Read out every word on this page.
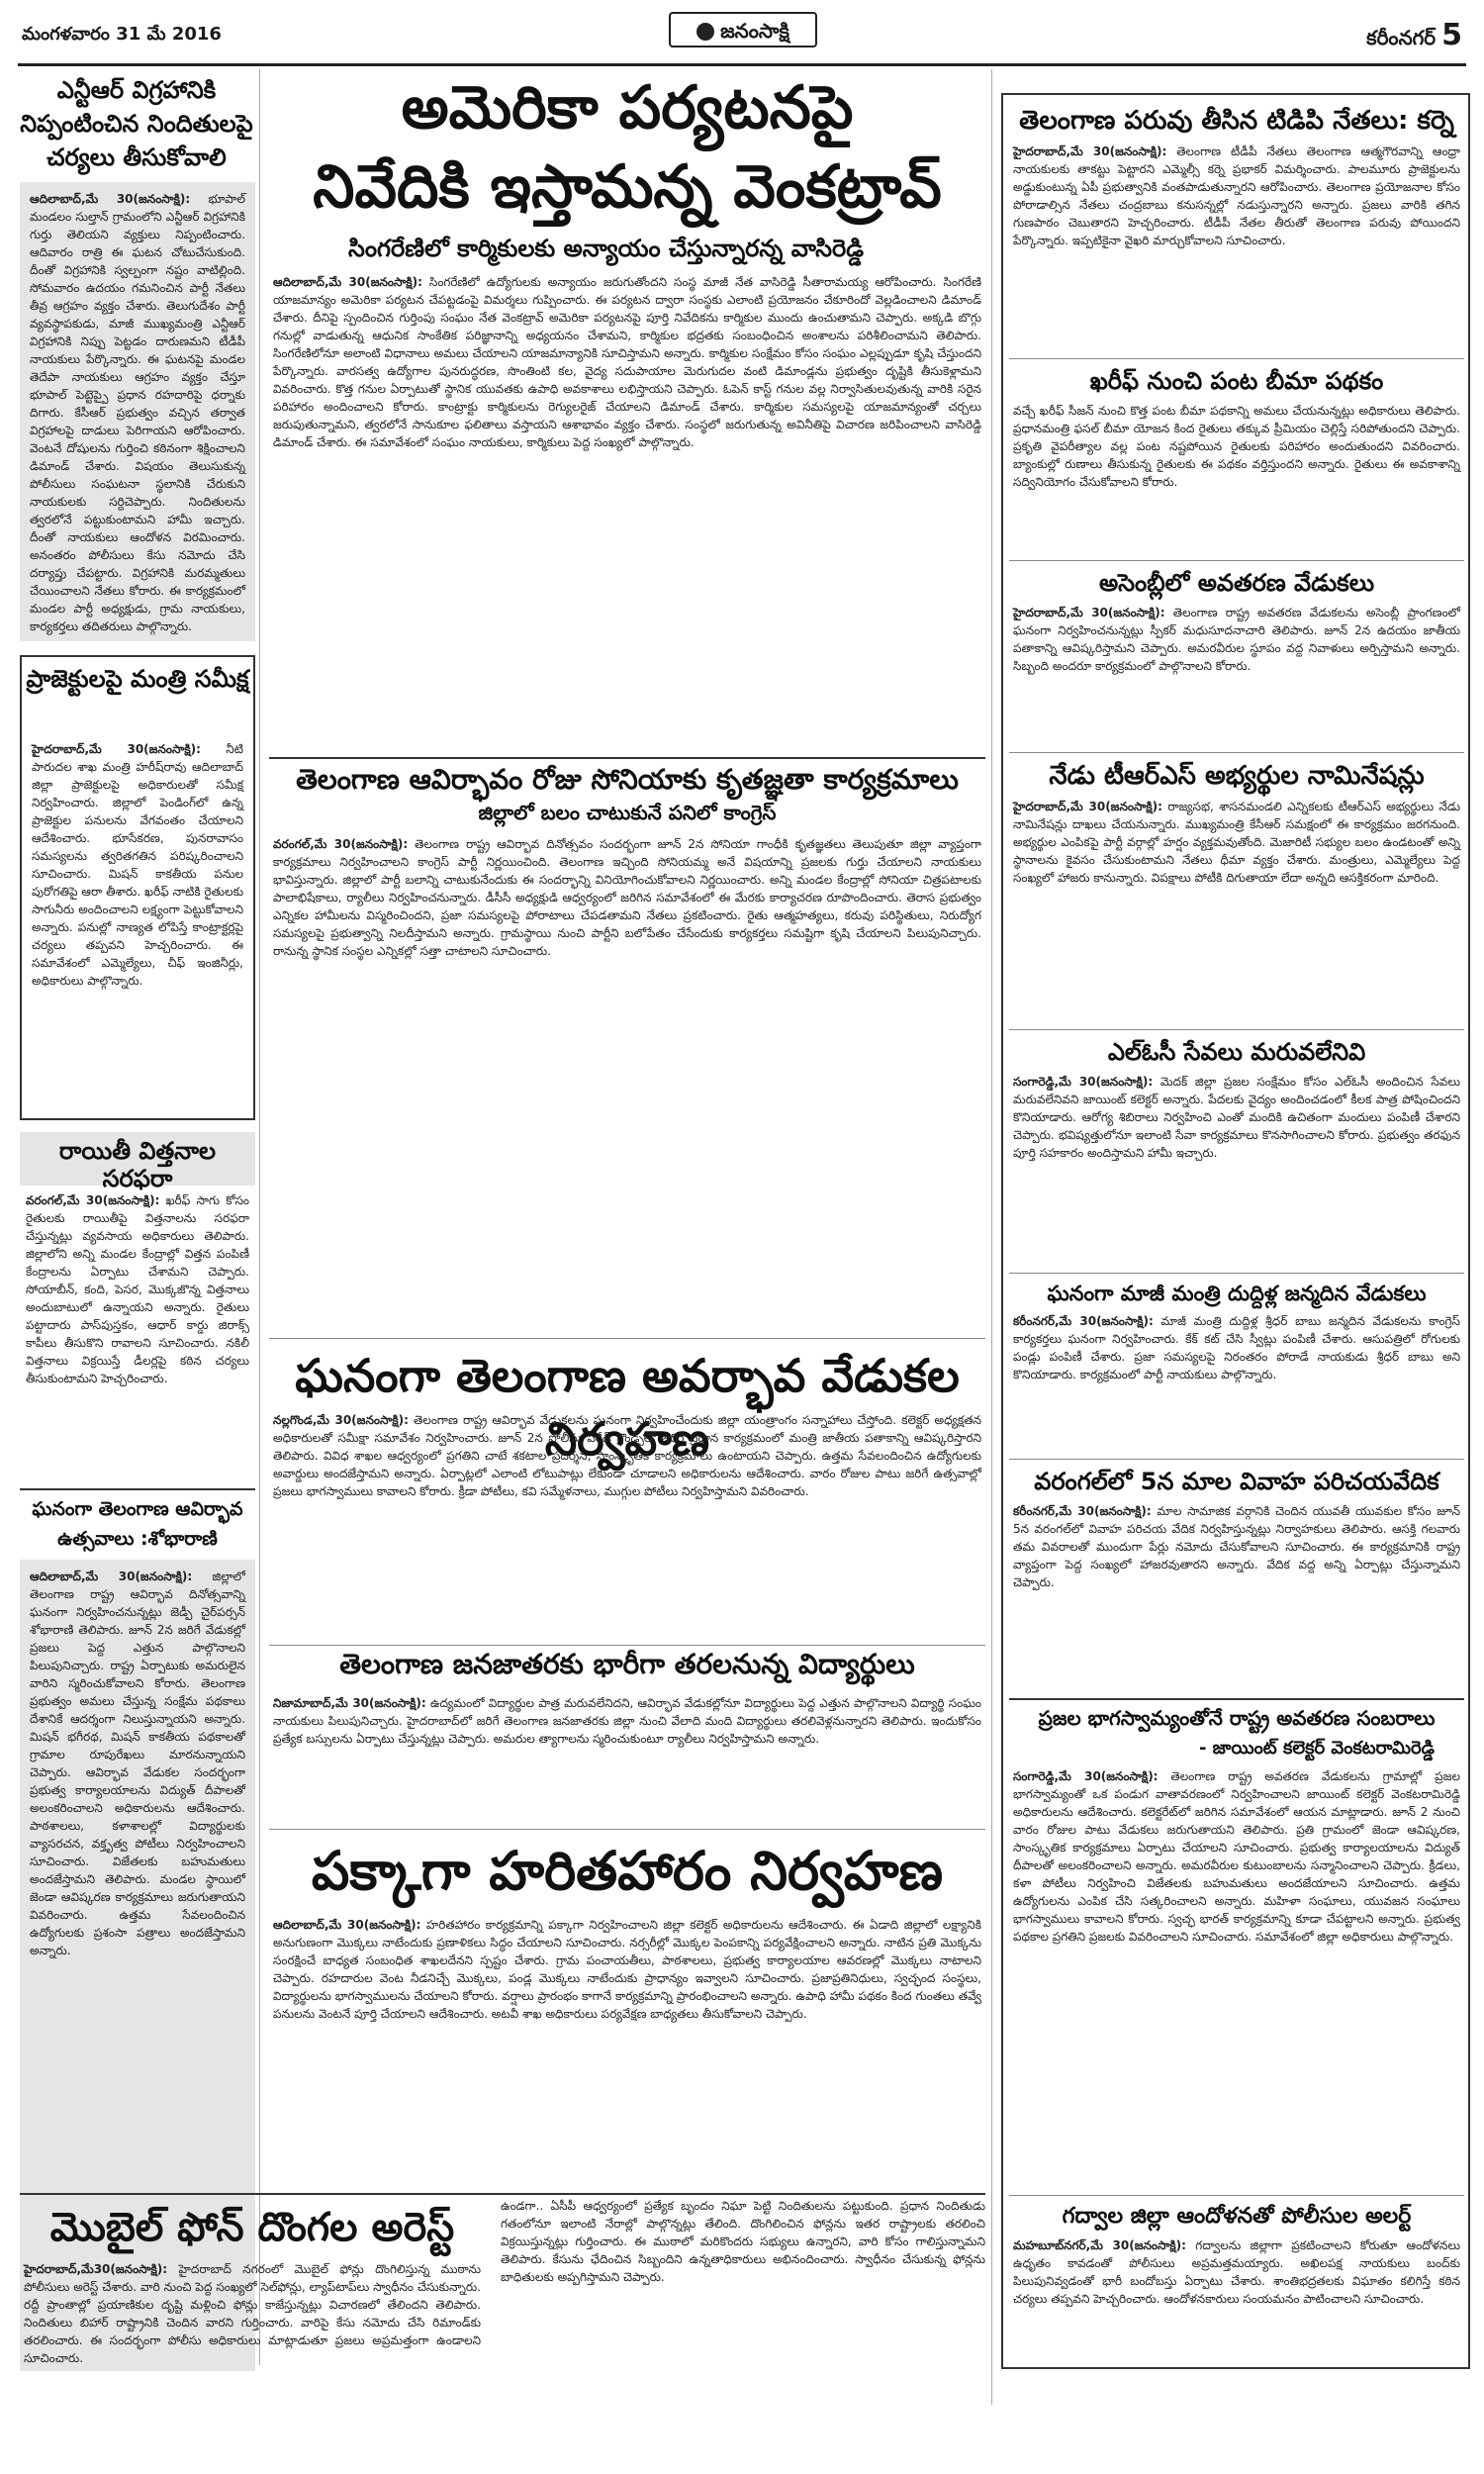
మంగళవారం 31 మే 2016	జనంసాక్షి	కరీంనగర్ 5
ఎన్టీఆర్ విగ్రహానికి నిప్పంటించిన నిందితులపై చర్యలు తీసుకోవాలి
ఆదిలాబాద్,మే 30(జనంసాక్షి): భూపాల్ మండలం సుల్తాన్ గ్రామంలోని ఎన్టీఆర్ విగ్రహానికి గుర్తు తెలియని వ్యక్తులు నిప్పంటించారు. ఆదివారం రాత్రి ఈ ఘటన చోటుచేసుకుంది. దీంతో విగ్రహానికి స్వల్పంగా నష్టం వాటిల్లింది. సోమవారం ఉదయం గమనించిన పార్టీ నేతలు తీవ్ర ఆగ్రహం వ్యక్తం చేశారు. తెలుగుదేశం పార్టీ వ్యవస్థాపకుడు, మాజీ ముఖ్యమంత్రి ఎన్టీఆర్ విగ్రహానికి నిప్పు పెట్టడం దారుణమని టీడీపీ నాయకులు పేర్కొన్నారు. ఈ ఘటనపై మండల తెదేపా నాయకులు ఆగ్రహం వ్యక్తం చేస్తూ భూపాల్ పెట్టెప్పై ప్రధాన రహదారిపై ధర్నాకు దిగారు. కేసీఆర్ ప్రభుత్వం వచ్చిన తర్వాత విగ్రహాలపై దాడులు పెరిగాయని ఆరోపించారు. వెంటనే దోషులను గుర్తించి కఠినంగా శిక్షించాలని డిమాండ్ చేశారు. విషయం తెలుసుకున్న పోలీసులు సంఘటనా స్థలానికి చేరుకుని నాయకులకు సర్దిచెప్పారు. నిందితులను త్వరలోనే పట్టుకుంటామని హామీ ఇచ్చారు. దీంతో నాయకులు ఆందోళన విరమించారు. అనంతరం పోలీసులు కేసు నమోదు చేసి దర్యాప్తు చేపట్టారు. విగ్రహానికి మరమ్మతులు చేయించాలని నేతలు కోరారు. ఈ కార్యక్రమంలో మండల పార్టీ అధ్యక్షుడు, గ్రామ నాయకులు, కార్యకర్తలు తదితరులు పాల్గొన్నారు.
ప్రాజెక్టులపై మంత్రి సమీక్ష
హైదరాబాద్,మే 30(జనంసాక్షి): నీటి పారుదల శాఖ మంత్రి హరీష్‌రావు ఆదిలాబాద్ జిల్లా ప్రాజెక్టులపై అధికారులతో సమీక్ష నిర్వహించారు. జిల్లాలో పెండింగ్‌లో ఉన్న ప్రాజెక్టుల పనులను వేగవంతం చేయాలని ఆదేశించారు. భూసేకరణ, పునరావాసం సమస్యలను త్వరితగతిన పరిష్కరించాలని సూచించారు. మిషన్ కాకతీయ పనుల పురోగతిపై ఆరా తీశారు. ఖరీఫ్ నాటికి రైతులకు సాగునీరు అందించాలని లక్ష్యంగా పెట్టుకోవాలని అన్నారు. పనుల్లో నాణ్యత లోపిస్తే కాంట్రాక్టర్లపై చర్యలు తప్పవని హెచ్చరించారు. ఈ సమావేశంలో ఎమ్మెల్యేలు, చీఫ్ ఇంజినీర్లు, అధికారులు పాల్గొన్నారు.
రాయితీ విత్తనాల సరఫరా
వరంగల్,మే 30(జనంసాక్షి): ఖరీఫ్ సాగు కోసం రైతులకు రాయితీపై విత్తనాలను సరఫరా చేస్తున్నట్లు వ్యవసాయ అధికారులు తెలిపారు. జిల్లాలోని అన్ని మండల కేంద్రాల్లో విత్తన పంపిణీ కేంద్రాలను ఏర్పాటు చేశామని చెప్పారు. సోయాబీన్, కంది, పెసర, మొక్కజొన్న విత్తనాలు అందుబాటులో ఉన్నాయని అన్నారు. రైతులు పట్టాదారు పాస్‌పుస్తకం, ఆధార్ కార్డు జిరాక్స్ కాపీలు తీసుకొని రావాలని సూచించారు. నకిలీ విత్తనాలు విక్రయిస్తే డీలర్లపై కఠిన చర్యలు తీసుకుంటామని హెచ్చరించారు.
ఘనంగా తెలంగాణ ఆవిర్భావ ఉత్సవాలు :శోభారాణి
ఆదిలాబాద్,మే 30(జనంసాక్షి): జిల్లాలో తెలంగాణ రాష్ట్ర ఆవిర్భావ దినోత్సవాన్ని ఘనంగా నిర్వహించనున్నట్లు జెడ్పీ చైర్‌పర్సన్ శోభారాణి తెలిపారు. జూన్ 2న జరిగే వేడుకల్లో ప్రజలు పెద్ద ఎత్తున పాల్గొనాలని పిలుపునిచ్చారు. రాష్ట్ర ఏర్పాటుకు అమరులైన వారిని స్మరించుకోవాలని కోరారు. తెలంగాణ ప్రభుత్వం అమలు చేస్తున్న సంక్షేమ పథకాలు దేశానికే ఆదర్శంగా నిలుస్తున్నాయని అన్నారు. మిషన్ భగీరథ, మిషన్ కాకతీయ పథకాలతో గ్రామాల రూపురేఖలు మారనున్నాయని చెప్పారు. ఆవిర్భావ వేడుకల సందర్భంగా ప్రభుత్వ కార్యాలయాలను విద్యుత్ దీపాలతో అలంకరించాలని అధికారులను ఆదేశించారు. పాఠశాలలు, కళాశాలల్లో విద్యార్థులకు వ్యాసరచన, వక్తృత్వ పోటీలు నిర్వహించాలని సూచించారు. విజేతలకు బహుమతులు అందజేస్తామని తెలిపారు. మండల స్థాయిలో జెండా ఆవిష్కరణ కార్యక్రమాలు జరుగుతాయని వివరించారు. ఉత్తమ సేవలందించిన ఉద్యోగులకు ప్రశంసా పత్రాలు అందజేస్తామని అన్నారు.
అమెరికా పర్యటనపై
నివేదికి ఇస్తామన్న వెంకట్రావ్
సింగరేణిలో కార్మికులకు అన్యాయం చేస్తున్నారన్న వాసిరెడ్డి
ఆదిలాబాద్,మే 30(జనంసాక్షి): సింగరేణిలో ఉద్యోగులకు అన్యాయం జరుగుతోందని సంస్థ మాజీ నేత వాసిరెడ్డి సీతారామయ్య ఆరోపించారు. సింగరేణి యాజమాన్యం అమెరికా పర్యటన చేపట్టడంపై విమర్శలు గుప్పించారు. ఈ పర్యటన ద్వారా సంస్థకు ఎలాంటి ప్రయోజనం చేకూరిందో వెల్లడించాలని డిమాండ్ చేశారు. దీనిపై స్పందించిన గుర్తింపు సంఘం నేత వెంకట్రావ్ అమెరికా పర్యటనపై పూర్తి నివేదికను కార్మికుల ముందు ఉంచుతామని చెప్పారు. అక్కడి బొగ్గు గనుల్లో వాడుతున్న ఆధునిక సాంకేతిక పరిజ్ఞానాన్ని అధ్యయనం చేశామని, కార్మికుల భద్రతకు సంబంధించిన అంశాలను పరిశీలించామని తెలిపారు. సింగరేణిలోనూ అలాంటి విధానాలు అమలు చేయాలని యాజమాన్యానికి సూచిస్తామని అన్నారు. కార్మికుల సంక్షేమం కోసం సంఘం ఎల్లప్పుడూ కృషి చేస్తుందని పేర్కొన్నారు. వారసత్వ ఉద్యోగాల పునరుద్ధరణ, సొంతింటి కల, వైద్య సదుపాయాల మెరుగుదల వంటి డిమాండ్లను ప్రభుత్వం దృష్టికి తీసుకెళ్లామని వివరించారు. కొత్త గనుల ఏర్పాటుతో స్థానిక యువతకు ఉపాధి అవకాశాలు లభిస్తాయని చెప్పారు. ఓపెన్ కాస్ట్ గనుల వల్ల నిర్వాసితులవుతున్న వారికి సరైన పరిహారం అందించాలని కోరారు. కాంట్రాక్టు కార్మికులను రెగ్యులరైజ్ చేయాలని డిమాండ్ చేశారు. కార్మికుల సమస్యలపై యాజమాన్యంతో చర్చలు జరుపుతున్నామని, త్వరలోనే సానుకూల ఫలితాలు వస్తాయని ఆశాభావం వ్యక్తం చేశారు. సంస్థలో జరుగుతున్న అవినీతిపై విచారణ జరిపించాలని వాసిరెడ్డి డిమాండ్ చేశారు. ఈ సమావేశంలో సంఘం నాయకులు, కార్మికులు పెద్ద సంఖ్యలో పాల్గొన్నారు.
తెలంగాణ ఆవిర్భావం రోజు సోనియాకు కృతజ్ఞతా కార్యక్రమాలు
జిల్లాలో బలం చాటుకునే పనిలో కాంగ్రెస్
వరంగల్,మే 30(జనంసాక్షి): తెలంగాణ రాష్ట్ర ఆవిర్భావ దినోత్సవం సందర్భంగా జూన్ 2న సోనియా గాంధీకి కృతజ్ఞతలు తెలుపుతూ జిల్లా వ్యాప్తంగా కార్యక్రమాలు నిర్వహించాలని కాంగ్రెస్ పార్టీ నిర్ణయించింది. తెలంగాణ ఇచ్చింది సోనియమ్మ అనే విషయాన్ని ప్రజలకు గుర్తు చేయాలని నాయకులు భావిస్తున్నారు. జిల్లాలో పార్టీ బలాన్ని చాటుకునేందుకు ఈ సందర్భాన్ని వినియోగించుకోవాలని నిర్ణయించారు. అన్ని మండల కేంద్రాల్లో సోనియా చిత్రపటాలకు పాలాభిషేకాలు, ర్యాలీలు నిర్వహించనున్నారు. డీసీసీ అధ్యక్షుడి ఆధ్వర్యంలో జరిగిన సమావేశంలో ఈ మేరకు కార్యాచరణ రూపొందించారు. తెరాస ప్రభుత్వం ఎన్నికల హామీలను విస్మరించిందని, ప్రజా సమస్యలపై పోరాటాలు చేపడతామని నేతలు ప్రకటించారు. రైతు ఆత్మహత్యలు, కరువు పరిస్థితులు, నిరుద్యోగ సమస్యలపై ప్రభుత్వాన్ని నిలదీస్తామని అన్నారు. గ్రామస్థాయి నుంచి పార్టీని బలోపేతం చేసేందుకు కార్యకర్తలు సమష్టిగా కృషి చేయాలని పిలుపునిచ్చారు. రానున్న స్థానిక సంస్థల ఎన్నికల్లో సత్తా చాటాలని సూచించారు.
ఘనంగా తెలంగాణ అవర్భావ వేడుకల నిర్వహణ
నల్లగొండ,మే 30(జనంసాక్షి): తెలంగాణ రాష్ట్ర ఆవిర్భావ వేడుకలను ఘనంగా నిర్వహించేందుకు జిల్లా యంత్రాంగం సన్నాహాలు చేస్తోంది. కలెక్టర్ అధ్యక్షతన అధికారులతో సమీక్షా సమావేశం నిర్వహించారు. జూన్ 2న పోలీసు పరేడ్ గ్రౌండ్స్‌లో జరిగే ప్రధాన కార్యక్రమంలో మంత్రి జాతీయ పతాకాన్ని ఆవిష్కరిస్తారని తెలిపారు. వివిధ శాఖల ఆధ్వర్యంలో ప్రగతిని చాటే శకటాల ప్రదర్శన, సాంస్కృతిక కార్యక్రమాలు ఉంటాయని చెప్పారు. ఉత్తమ సేవలందించిన ఉద్యోగులకు అవార్డులు అందజేస్తామని అన్నారు. ఏర్పాట్లలో ఎలాంటి లోటుపాట్లు లేకుండా చూడాలని అధికారులను ఆదేశించారు. వారం రోజుల పాటు జరిగే ఉత్సవాల్లో ప్రజలు భాగస్వాములు కావాలని కోరారు. క్రీడా పోటీలు, కవి సమ్మేళనాలు, ముగ్గుల పోటీలు నిర్వహిస్తామని వివరించారు.
తెలంగాణ జనజాతరకు భారీగా తరలనున్న విద్యార్థులు
నిజామాబాద్,మే 30(జనంసాక్షి): ఉద్యమంలో విద్యార్థుల పాత్ర మరువలేనిదని, ఆవిర్భావ వేడుకల్లోనూ విద్యార్థులు పెద్ద ఎత్తున పాల్గొనాలని విద్యార్థి సంఘం నాయకులు పిలుపునిచ్చారు. హైదరాబాద్‌లో జరిగే తెలంగాణ జనజాతరకు జిల్లా నుంచి వేలాది మంది విద్యార్థులు తరలివెళ్లనున్నారని తెలిపారు. ఇందుకోసం ప్రత్యేక బస్సులను ఏర్పాటు చేస్తున్నట్లు చెప్పారు. అమరుల త్యాగాలను స్మరించుకుంటూ ర్యాలీలు నిర్వహిస్తామని అన్నారు.
పక్కాగా హరితహారం నిర్వహణ
ఆదిలాబాద్,మే 30(జనంసాక్షి): హరితహారం కార్యక్రమాన్ని పక్కాగా నిర్వహించాలని జిల్లా కలెక్టర్ అధికారులను ఆదేశించారు. ఈ ఏడాది జిల్లాలో లక్ష్యానికి అనుగుణంగా మొక్కలు నాటేందుకు ప్రణాళికలు సిద్ధం చేయాలని సూచించారు. నర్సరీల్లో మొక్కల పెంపకాన్ని పర్యవేక్షించాలని అన్నారు. నాటిన ప్రతి మొక్కను సంరక్షించే బాధ్యత సంబంధిత శాఖలదేనని స్పష్టం చేశారు. గ్రామ పంచాయతీలు, పాఠశాలలు, ప్రభుత్వ కార్యాలయాల ఆవరణల్లో మొక్కలు నాటాలని చెప్పారు. రహదారుల వెంట నీడనిచ్చే మొక్కలు, పండ్ల మొక్కలు నాటేందుకు ప్రాధాన్యం ఇవ్వాలని సూచించారు. ప్రజాప్రతినిధులు, స్వచ్ఛంద సంస్థలు, విద్యార్థులను భాగస్వాములను చేయాలని కోరారు. వర్షాలు ప్రారంభం కాగానే కార్యక్రమాన్ని ప్రారంభించాలని అన్నారు. ఉపాధి హామీ పథకం కింద గుంతలు తవ్వే పనులను వెంటనే పూర్తి చేయాలని ఆదేశించారు. అటవీ శాఖ అధికారులు పర్యవేక్షణ బాధ్యతలు తీసుకోవాలని చెప్పారు.
మొబైల్ ఫోన్ దొంగల అరెస్ట్
హైదరాబాద్,మే30(జనంసాక్షి): హైదరాబాద్ నగరంలో మొబైల్ ఫోన్లు దొంగిలిస్తున్న ముఠాను పోలీసులు అరెస్ట్ చేశారు. వారి నుంచి పెద్ద సంఖ్యలో సెల్‌ఫోన్లు, ల్యాప్‌టాప్‌లు స్వాధీనం చేసుకున్నారు. రద్దీ ప్రాంతాల్లో ప్రయాణికుల దృష్టి మళ్లించి ఫోన్లు కాజేస్తున్నట్లు విచారణలో తేలిందని తెలిపారు. నిందితులు బిహార్ రాష్ట్రానికి చెందిన వారని గుర్తించారు. వారిపై కేసు నమోదు చేసి రిమాండ్‌కు తరలించారు. ఈ సందర్భంగా పోలీసు అధికారులు మాట్లాడుతూ ప్రజలు అప్రమత్తంగా ఉండాలని సూచించారు.
ఉండగా.. ఏసీపీ ఆధ్వర్యంలో ప్రత్యేక బృందం నిఘా పెట్టి నిందితులను పట్టుకుంది. ప్రధాన నిందితుడు గతంలోనూ ఇలాంటి నేరాల్లో పాల్గొన్నట్లు తేలింది. దొంగిలించిన ఫోన్లను ఇతర రాష్ట్రాలకు తరలించి విక్రయిస్తున్నట్లు గుర్తించారు. ఈ ముఠాలో మరికొందరు సభ్యులు ఉన్నారని, వారి కోసం గాలిస్తున్నామని తెలిపారు. కేసును ఛేదించిన సిబ్బందిని ఉన్నతాధికారులు అభినందించారు. స్వాధీనం చేసుకున్న ఫోన్లను బాధితులకు అప్పగిస్తామని చెప్పారు.
తెలంగాణ పరువు తీసిన టిడిపి నేతలు: కర్నె
హైదరాబాద్,మే 30(జనంసాక్షి): తెలంగాణ టీడీపీ నేతలు తెలంగాణ ఆత్మగౌరవాన్ని ఆంధ్రా నాయకులకు తాకట్టు పెట్టారని ఎమ్మెల్సీ కర్నె ప్రభాకర్ విమర్శించారు. పాలమూరు ప్రాజెక్టులను అడ్డుకుంటున్న ఏపీ ప్రభుత్వానికి వంతపాడుతున్నారని ఆరోపించారు. తెలంగాణ ప్రయోజనాల కోసం పోరాడాల్సిన నేతలు చంద్రబాబు కనుసన్నల్లో నడుస్తున్నారని అన్నారు. ప్రజలు వారికి తగిన గుణపాఠం చెబుతారని హెచ్చరించారు. టీడీపీ నేతల తీరుతో తెలంగాణ పరువు పోయిందని పేర్కొన్నారు. ఇప్పటికైనా వైఖరి మార్చుకోవాలని సూచించారు.
ఖరీఫ్ నుంచి పంట బీమా పథకం
వచ్చే ఖరీఫ్ సీజన్ నుంచి కొత్త పంట బీమా పథకాన్ని అమలు చేయనున్నట్లు అధికారులు తెలిపారు. ప్రధానమంత్రి ఫసల్ బీమా యోజన కింద రైతులు తక్కువ ప్రీమియం చెల్లిస్తే సరిపోతుందని చెప్పారు. ప్రకృతి వైపరీత్యాల వల్ల పంట నష్టపోయిన రైతులకు పరిహారం అందుతుందని వివరించారు. బ్యాంకుల్లో రుణాలు తీసుకున్న రైతులకు ఈ పథకం వర్తిస్తుందని అన్నారు. రైతులు ఈ అవకాశాన్ని సద్వినియోగం చేసుకోవాలని కోరారు.
అసెంబ్లీలో అవతరణ వేడుకలు
హైదరాబాద్,మే 30(జనంసాక్షి): తెలంగాణ రాష్ట్ర అవతరణ వేడుకలను అసెంబ్లీ ప్రాంగణంలో ఘనంగా నిర్వహించనున్నట్లు స్పీకర్ మధుసూదనాచారి తెలిపారు. జూన్ 2న ఉదయం జాతీయ పతాకాన్ని ఆవిష్కరిస్తామని చెప్పారు. అమరవీరుల స్థూపం వద్ద నివాళులు అర్పిస్తామని అన్నారు. సిబ్బంది అందరూ కార్యక్రమంలో పాల్గొనాలని కోరారు.
నేడు టీఆర్ఎస్ అభ్యర్థుల నామినేషన్లు
హైదరాబాద్,మే 30(జనంసాక్షి): రాజ్యసభ, శాసనమండలి ఎన్నికలకు టీఆర్ఎస్ అభ్యర్థులు నేడు నామినేషన్లు దాఖలు చేయనున్నారు. ముఖ్యమంత్రి కేసీఆర్ సమక్షంలో ఈ కార్యక్రమం జరగనుంది. అభ్యర్థుల ఎంపికపై పార్టీ వర్గాల్లో హర్షం వ్యక్తమవుతోంది. మెజారిటీ సభ్యుల బలం ఉండటంతో అన్ని స్థానాలను కైవసం చేసుకుంటామని నేతలు ధీమా వ్యక్తం చేశారు. మంత్రులు, ఎమ్మెల్యేలు పెద్ద సంఖ్యలో హాజరు కానున్నారు. విపక్షాలు పోటీకి దిగుతాయా లేదా అన్నది ఆసక్తికరంగా మారింది.
ఎల్ఓసీ సేవలు మరువలేనివి
సంగారెడ్డి,మే 30(జనంసాక్షి): మెదక్ జిల్లా ప్రజల సంక్షేమం కోసం ఎల్ఓసీ అందించిన సేవలు మరువలేనివని జాయింట్ కలెక్టర్ అన్నారు. పేదలకు వైద్యం అందించడంలో కీలక పాత్ర పోషించిందని కొనియాడారు. ఆరోగ్య శిబిరాలు నిర్వహించి ఎంతో మందికి ఉచితంగా మందులు పంపిణీ చేశారని చెప్పారు. భవిష్యత్తులోనూ ఇలాంటి సేవా కార్యక్రమాలు కొనసాగించాలని కోరారు. ప్రభుత్వం తరఫున పూర్తి సహకారం అందిస్తామని హామీ ఇచ్చారు.
ఘనంగా మాజీ మంత్రి దుద్దిళ్ల జన్మదిన వేడుకలు
కరీంనగర్,మే 30(జనంసాక్షి): మాజీ మంత్రి దుద్దిళ్ల శ్రీధర్ బాబు జన్మదిన వేడుకలను కాంగ్రెస్ కార్యకర్తలు ఘనంగా నిర్వహించారు. కేక్ కట్ చేసి స్వీట్లు పంపిణీ చేశారు. ఆసుపత్రిలో రోగులకు పండ్లు పంపిణీ చేశారు. ప్రజా సమస్యలపై నిరంతరం పోరాడే నాయకుడు శ్రీధర్ బాబు అని కొనియాడారు. కార్యక్రమంలో పార్టీ నాయకులు పాల్గొన్నారు.
వరంగల్‌లో 5న మాల వివాహ పరిచయవేదిక
కరీంనగర్,మే 30(జనంసాక్షి): మాల సామాజిక వర్గానికి చెందిన యువతీ యువకుల కోసం జూన్ 5న వరంగల్‌లో వివాహ పరిచయ వేదిక నిర్వహిస్తున్నట్లు నిర్వాహకులు తెలిపారు. ఆసక్తి గలవారు తమ వివరాలతో ముందుగా పేర్లు నమోదు చేసుకోవాలని సూచించారు. ఈ కార్యక్రమానికి రాష్ట్ర వ్యాప్తంగా పెద్ద సంఖ్యలో హాజరవుతారని అన్నారు. వేదిక వద్ద అన్ని ఏర్పాట్లు చేస్తున్నామని చెప్పారు.
ప్రజల భాగస్వామ్యంతోనే రాష్ట్ర అవతరణ సంబరాలు
- జాయింట్ కలెక్టర్ వెంకటరామిరెడ్డి
సంగారెడ్డి,మే 30(జనంసాక్షి): తెలంగాణ రాష్ట్ర అవతరణ వేడుకలను గ్రామాల్లో ప్రజల భాగస్వామ్యంతో ఒక పండుగ వాతావరణంలో నిర్వహించాలని జాయింట్ కలెక్టర్ వెంకటరామిరెడ్డి అధికారులను ఆదేశించారు. కలెక్టరేట్‌లో జరిగిన సమావేశంలో ఆయన మాట్లాడారు. జూన్ 2 నుంచి వారం రోజుల పాటు వేడుకలు జరుగుతాయని తెలిపారు. ప్రతి గ్రామంలో జెండా ఆవిష్కరణ, సాంస్కృతిక కార్యక్రమాలు ఏర్పాటు చేయాలని సూచించారు. ప్రభుత్వ కార్యాలయాలను విద్యుత్ దీపాలతో అలంకరించాలని అన్నారు. అమరవీరుల కుటుంబాలను సన్మానించాలని చెప్పారు. క్రీడలు, కళా పోటీలు నిర్వహించి విజేతలకు బహుమతులు అందజేయాలని సూచించారు. ఉత్తమ ఉద్యోగులను ఎంపిక చేసి సత్కరించాలని అన్నారు. మహిళా సంఘాలు, యువజన సంఘాలు భాగస్వాములు కావాలని కోరారు. స్వచ్ఛ భారత్ కార్యక్రమాన్ని కూడా చేపట్టాలని అన్నారు. ప్రభుత్వ పథకాల ప్రగతిని ప్రజలకు వివరించాలని సూచించారు. సమావేశంలో జిల్లా అధికారులు పాల్గొన్నారు.
గద్వాల జిల్లా ఆందోళనతో పోలీసుల అలర్ట్
మహబూబ్‌నగర్,మే 30(జనంసాక్షి): గద్వాలను జిల్లాగా ప్రకటించాలని కోరుతూ ఆందోళనలు ఉధృతం కావడంతో పోలీసులు అప్రమత్తమయ్యారు. అఖిలపక్ష నాయకులు బంద్‌కు పిలుపునివ్వడంతో భారీ బందోబస్తు ఏర్పాటు చేశారు. శాంతిభద్రతలకు విఘాతం కలిగిస్తే కఠిన చర్యలు తప్పవని హెచ్చరించారు. ఆందోళనకారులు సంయమనం పాటించాలని సూచించారు.
